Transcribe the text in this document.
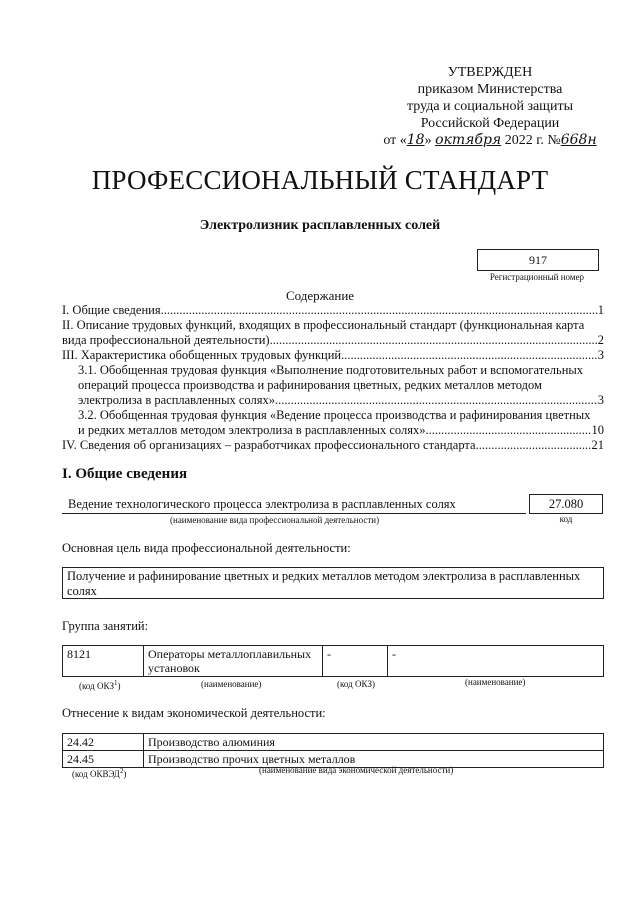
УТВЕРЖДЕН
приказом Министерства
труда и социальной защиты
Российской Федерации
от «18» октября 2022 г. №668н
ПРОФЕССИОНАЛЬНЫЙ СТАНДАРТ
Электролизник расплавленных солей
917
Регистрационный номер
Содержание
I. Общие сведения .....	1
II. Описание трудовых функций, входящих в профессиональный стандарт (функциональная карта
вида профессиональной деятельности) .....	2
III. Характеристика обобщенных трудовых функций .....	3
3.1. Обобщенная трудовая функция «Выполнение подготовительных работ и вспомогательных
операций процесса производства и рафинирования цветных, редких металлов методом
электролиза в расплавленных солях» .....	3
3.2. Обобщенная трудовая функция «Ведение процесса производства и рафинирования цветных
и редких металлов методом электролиза в расплавленных солях» .....	10
IV. Сведения об организациях – разработчиках профессионального стандарта .....	21
I. Общие сведения
Ведение технологического процесса электролиза в расплавленных солях
(наименование вида профессиональной деятельности)
27.080
код
Основная цель вида профессиональной деятельности:
Получение и рафинирование цветных и редких металлов методом электролиза в расплавленных солях
Группа занятий:
8121	Операторы металлоплавильных установок	-	-
(код ОКЗ$^1$)	(наименование)	(код ОКЗ)	(наименование)
Отнесение к видам экономической деятельности:
24.42	Производство алюминия
24.45	Производство прочих цветных металлов
(код ОКВЭД$^2$)	(наименование вида экономической деятельности)
